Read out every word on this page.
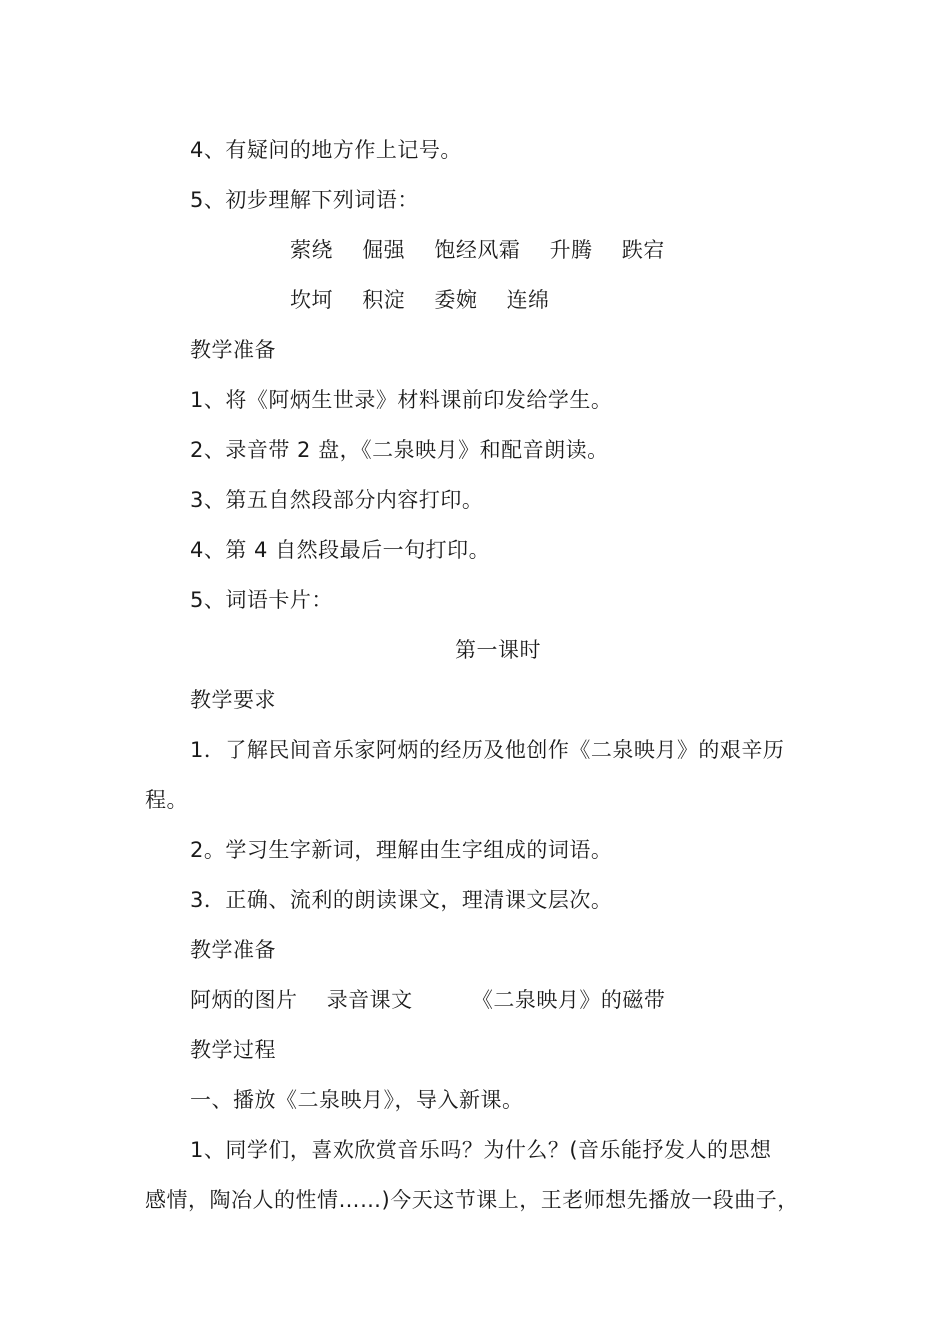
4、有疑问的地方作上记号。
5、初步理解下列词语：
萦绕 倔强 饱经风霜 升腾 跌宕
坎坷 积淀 委婉 连绵
教学准备
1、将《阿炳生世录》材料课前印发给学生。
2、录音带 2 盘，《二泉映月》和配音朗读。
3、第五自然段部分内容打印。
4、第 4 自然段最后一句打印。
5、词语卡片：
第一课时
教学要求
1．了解民间音乐家阿炳的经历及他创作《二泉映月》的艰辛历
程。
2。学习生字新词，理解由生字组成的词语。
3．正确、流利的朗读课文，理清课文层次。
教学准备
阿炳的图片 录音课文	《二泉映月》的磁带
教学过程
一、播放《二泉映月》，导入新课。
1、同学们，喜欢欣赏音乐吗？为什么？(音乐能抒发人的思想
感情，陶冶人的性情……)今天这节课上，王老师想先播放一段曲子，
